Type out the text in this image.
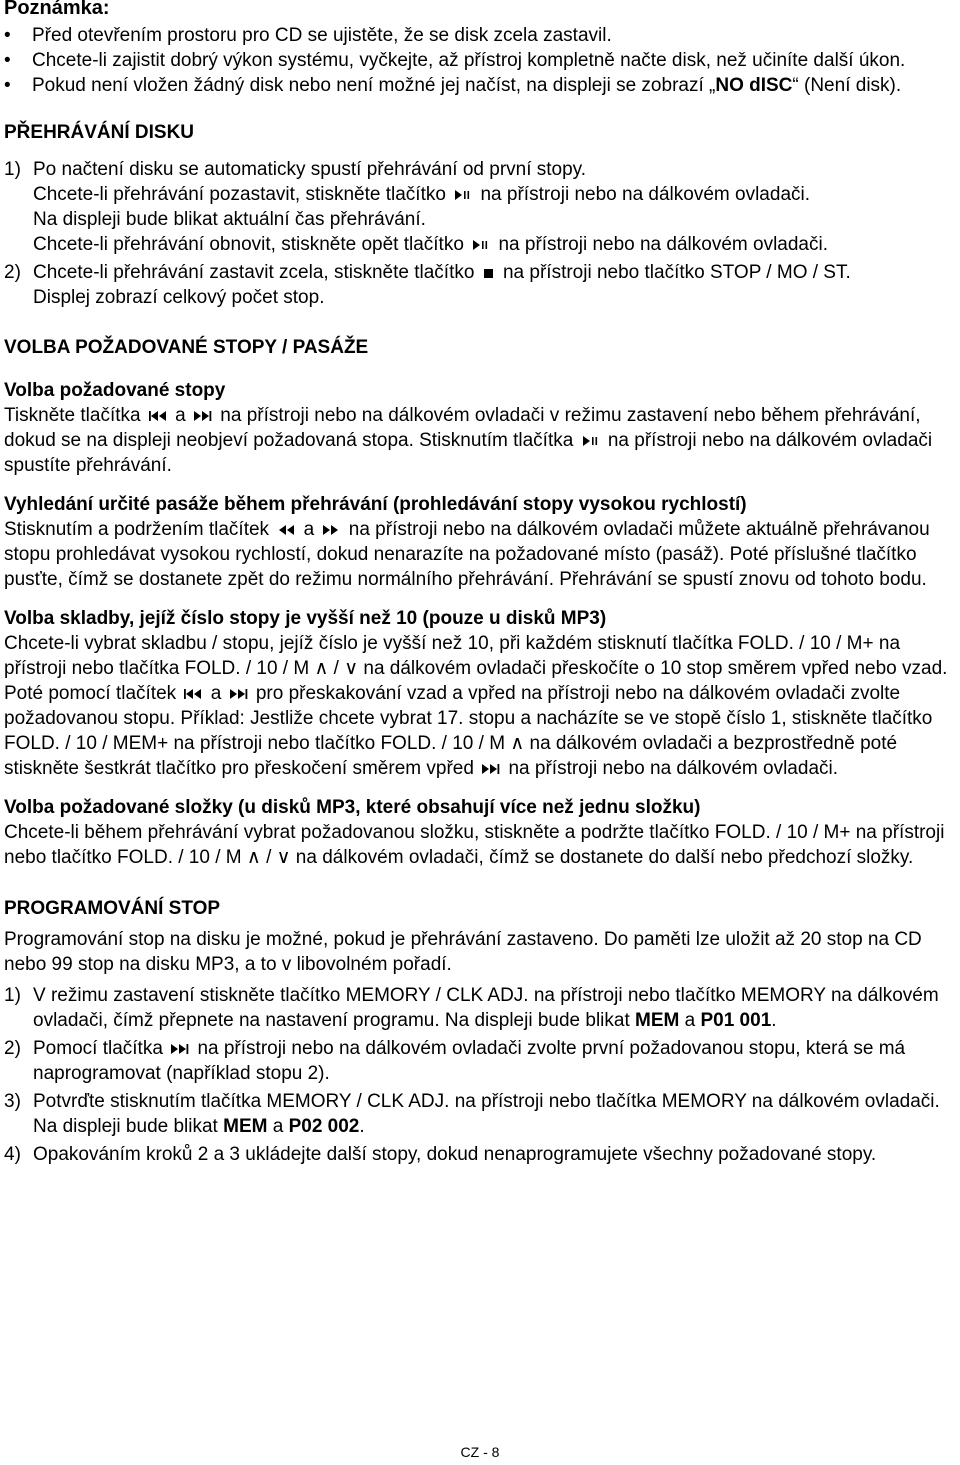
Poznámka:
• Před otevřením prostoru pro CD se ujistěte, že se disk zcela zastavil.
• Chcete-li zajistit dobrý výkon systému, vyčkejte, až přístroj kompletně načte disk, než učiníte další úkon.
• Pokud není vložen žádný disk nebo není možné jej načíst, na displeji se zobrazí „NO dISC“ (Není disk).
PŘEHRÁVÁNÍ DISKU
1) Po načtení disku se automaticky spustí přehrávání od první stopy.
Chcete-li přehrávání pozastavit, stiskněte tlačítko na přístroji nebo na dálkovém ovladači.
Na displeji bude blikat aktuální čas přehrávání.
Chcete-li přehrávání obnovit, stiskněte opět tlačítko na přístroji nebo na dálkovém ovladači.
2) Chcete-li přehrávání zastavit zcela, stiskněte tlačítko na přístroji nebo tlačítko STOP / MO / ST.
Displej zobrazí celkový počet stop.
VOLBA POŽADOVANÉ STOPY / PASÁŽE
Volba požadované stopy

Tiskněte tlačítka a na přístroji nebo na dálkovém ovladači v režimu zastavení nebo během přehrávání, dokud se na displeji neobjeví požadovaná stopa. Stisknutím tlačítka na přístroji nebo na dálkovém ovladači spustíte přehrávání.

Vyhledání určité pasáže během přehrávání (prohledávání stopy vysokou rychlostí)

Stisknutím a podržením tlačítek a na přístroji nebo na dálkovém ovladači můžete aktuálně přehrávanou stopu prohledávat vysokou rychlostí, dokud nenarazíte na požadované místo (pasáž). Poté příslušné tlačítko pusťte, čímž se dostanete zpět do režimu normálního přehrávání. Přehrávání se spustí znovu od tohoto bodu.

Volba skladby, jejíž číslo stopy je vyšší než 10 (pouze u disků MP3)

Chcete-li vybrat skladbu / stopu, jejíž číslo je vyšší než 10, při každém stisknutí tlačítka FOLD. / 10 / M+ na přístroji nebo tlačítka FOLD. / 10 / M ∧ / ∨ na dálkovém ovladači přeskočíte o 10 stop směrem vpřed nebo vzad. Poté pomocí tlačítek a pro přeskakování vzad a vpřed na přístroji nebo na dálkovém ovladači zvolte požadovanou stopu. Příklad: Jestliže chcete vybrat 17. stopu a nacházíte se ve stopě číslo 1, stiskněte tlačítko FOLD. / 10 / MEM+ na přístroji nebo tlačítko FOLD. / 10 / M ∧ na dálkovém ovladači a bezprostředně poté stiskněte šestkrát tlačítko pro přeskočení směrem vpřed na přístroji nebo na dálkovém ovladači.

Volba požadované složky (u disků MP3, které obsahují více než jednu složku)

Chcete-li během přehrávání vybrat požadovanou složku, stiskněte a podržte tlačítko FOLD. / 10 / M+ na přístroji nebo tlačítko FOLD. / 10 / M ∧ / ∨ na dálkovém ovladači, čímž se dostanete do další nebo předchozí složky.

PROGRAMOVÁNÍ STOP

Programování stop na disku je možné, pokud je přehrávání zastaveno. Do paměti lze uložit až 20 stop na CD nebo 99 stop na disku MP3, a to v libovolném pořadí.

1) V režimu zastavení stiskněte tlačítko MEMORY / CLK ADJ. na přístroji nebo tlačítko MEMORY na dálkovém ovladači, čímž přepnete na nastavení programu. Na displeji bude blikat MEM a P01 001.
2) Pomocí tlačítka na přístroji nebo na dálkovém ovladači zvolte první požadovanou stopu, která se má naprogramovat (například stopu 2).
3) Potvrďte stisknutím tlačítka MEMORY / CLK ADJ. na přístroji nebo tlačítka MEMORY na dálkovém ovladači. Na displeji bude blikat MEM a P02 002.
4) Opakováním kroků 2 a 3 ukládejte další stopy, dokud nenaprogramujete všechny požadované stopy.
CZ - 8
